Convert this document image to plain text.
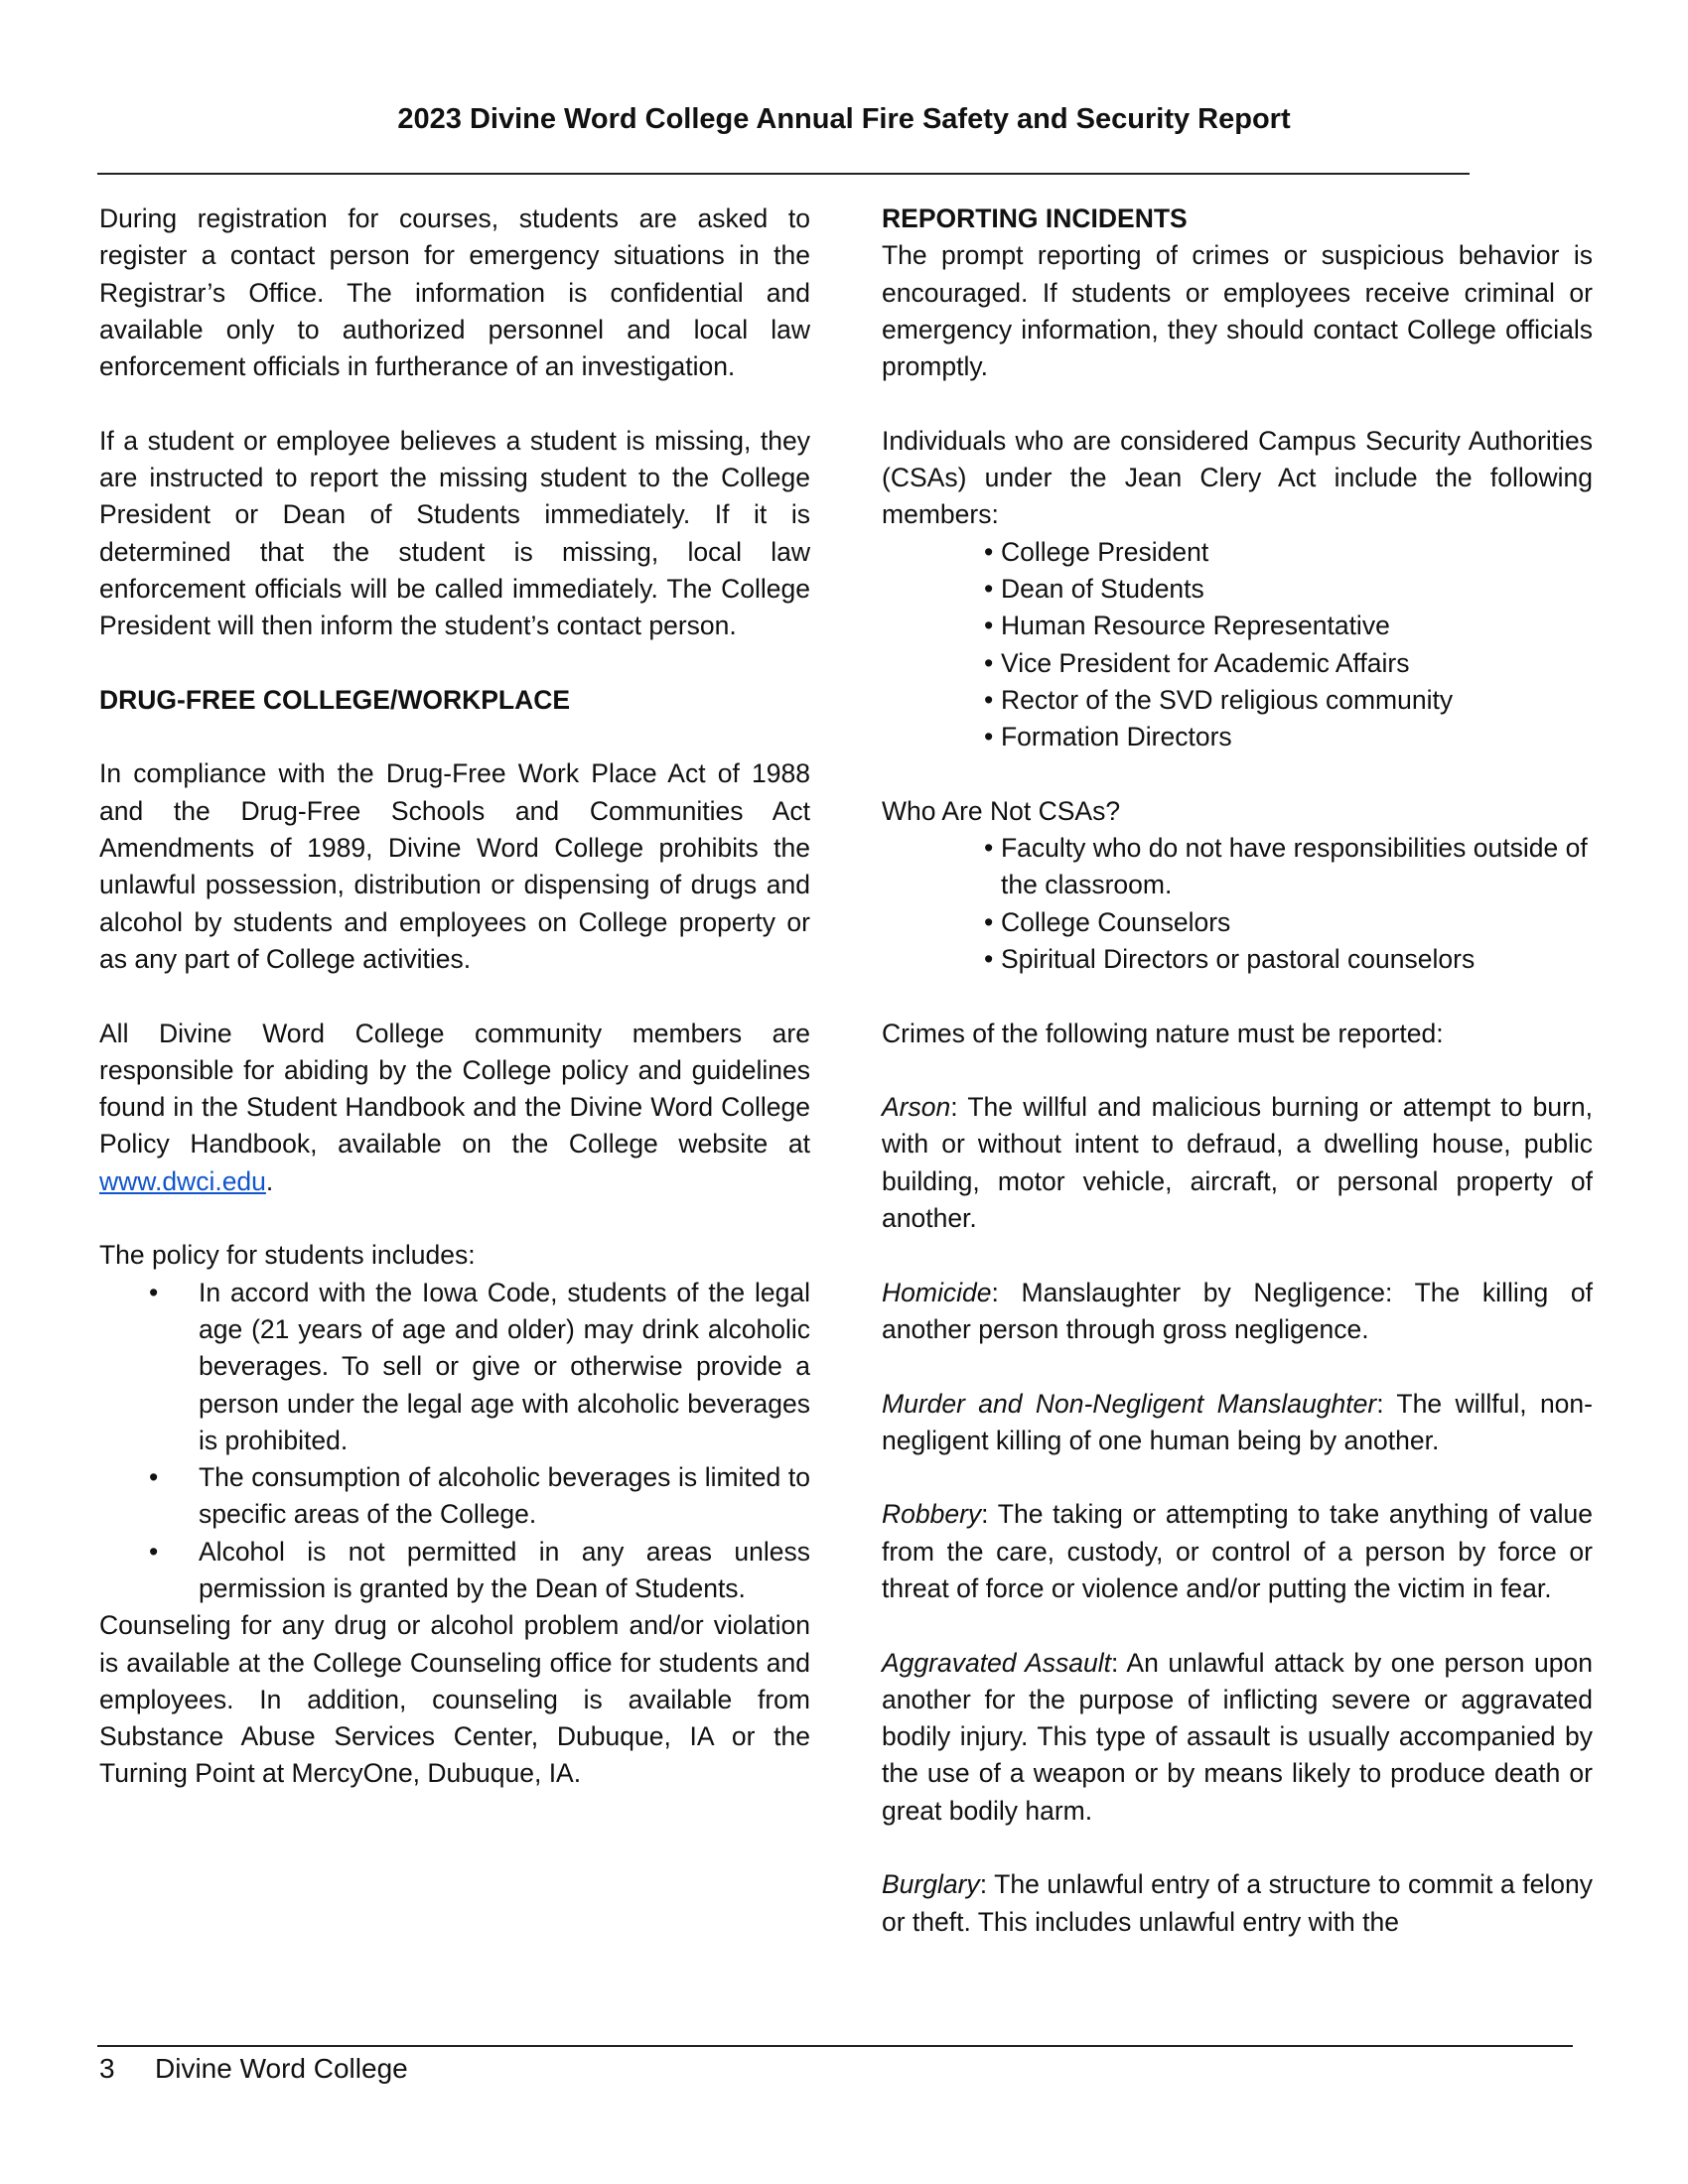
2023 Divine Word College Annual Fire Safety and Security Report

During registration for courses, students are asked to register a contact person for emergency situations in the Registrar’s Office. The information is confidential and available only to authorized personnel and local law enforcement officials in furtherance of an investigation.

If a student or employee believes a student is missing, they are instructed to report the missing student to the College President or Dean of Students immediately. If it is determined that the student is missing, local law enforcement officials will be called immediately. The College President will then inform the student’s contact person.

DRUG-FREE COLLEGE/WORKPLACE

In compliance with the Drug-Free Work Place Act of 1988 and the Drug-Free Schools and Communities Act Amendments of 1989, Divine Word College prohibits the unlawful possession, distribution or dispensing of drugs and alcohol by students and employees on College property or as any part of College activities.

All Divine Word College community members are responsible for abiding by the College policy and guidelines found in the Student Handbook and the Divine Word College Policy Handbook, available on the College website at www.dwci.edu.

The policy for students includes:

• In accord with the Iowa Code, students of the legal age (21 years of age and older) may drink alcoholic beverages. To sell or give or otherwise provide a person under the legal age with alcoholic beverages is prohibited.
• The consumption of alcoholic beverages is limited to specific areas of the College.
• Alcohol is not permitted in any areas unless permission is granted by the Dean of Students.

Counseling for any drug or alcohol problem and/or violation is available at the College Counseling office for students and employees. In addition, counseling is available from Substance Abuse Services Center, Dubuque, IA or the Turning Point at MercyOne, Dubuque, IA.

REPORTING INCIDENTS

The prompt reporting of crimes or suspicious behavior is encouraged. If students or employees receive criminal or emergency information, they should contact College officials promptly.

Individuals who are considered Campus Security Authorities (CSAs) under the Jean Clery Act include the following members:

• College President
• Dean of Students
• Human Resource Representative
• Vice President for Academic Affairs
• Rector of the SVD religious community
• Formation Directors

Who Are Not CSAs?

• Faculty who do not have responsibilities outside of the classroom.
• College Counselors
• Spiritual Directors or pastoral counselors

Crimes of the following nature must be reported:

Arson: The willful and malicious burning or attempt to burn, with or without intent to defraud, a dwelling house, public building, motor vehicle, aircraft, or personal property of another.

Homicide: Manslaughter by Negligence: The killing of another person through gross negligence.

Murder and Non-Negligent Manslaughter: The willful, non-negligent killing of one human being by another.

Robbery: The taking or attempting to take anything of value from the care, custody, or control of a person by force or threat of force or violence and/or putting the victim in fear.

Aggravated Assault: An unlawful attack by one person upon another for the purpose of inflicting severe or aggravated bodily injury. This type of assault is usually accompanied by the use of a weapon or by means likely to produce death or great bodily harm.

Burglary: The unlawful entry of a structure to commit a felony or theft. This includes unlawful entry with the

3 Divine Word College
